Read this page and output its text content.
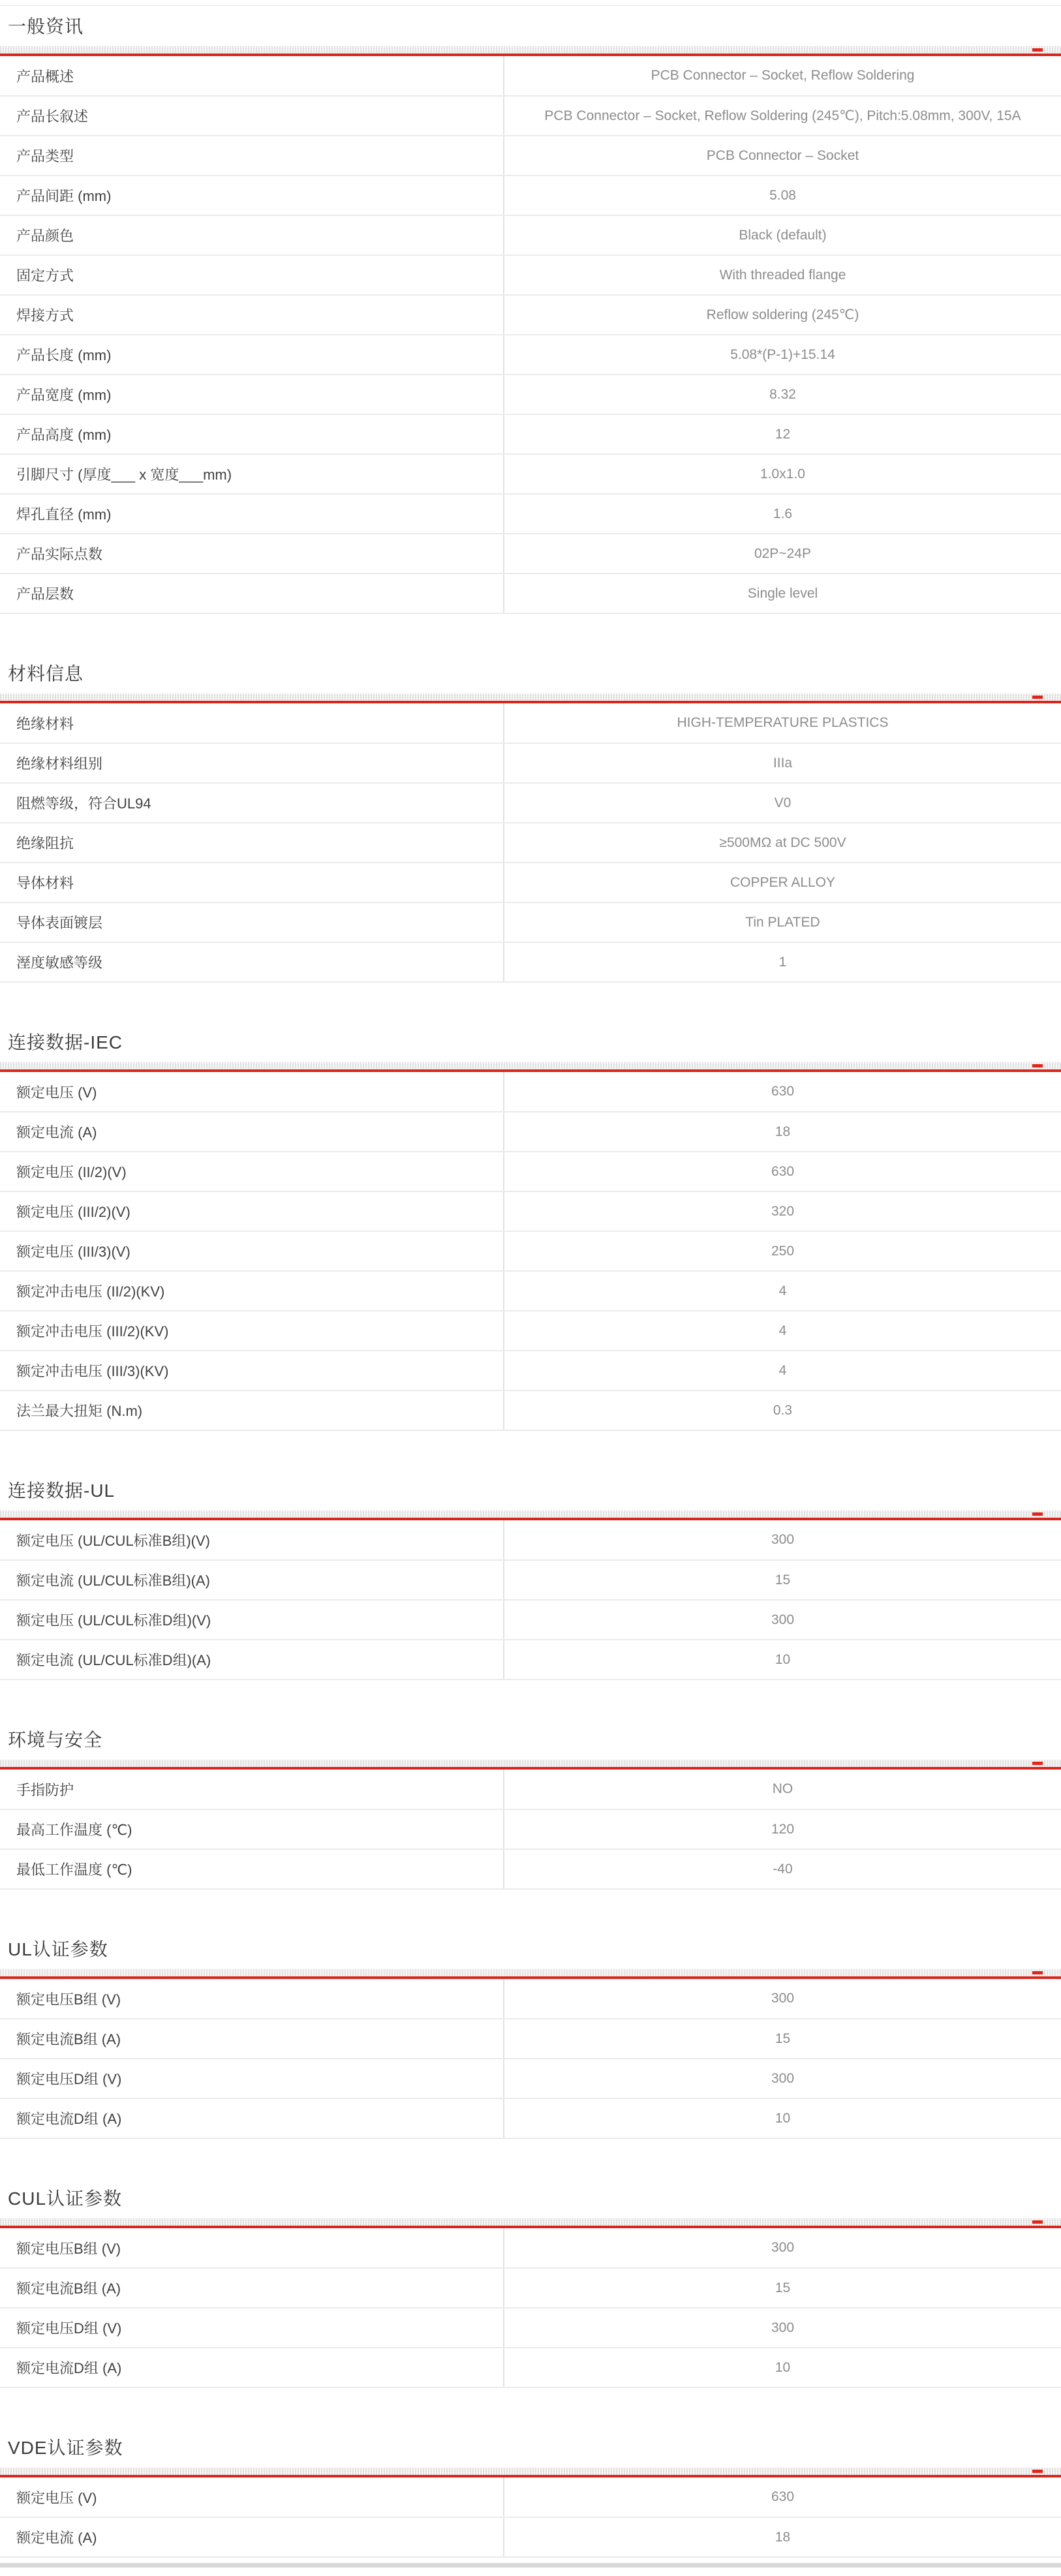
一般资讯
产品概述	PCB Connector – Socket, Reflow Soldering
产品长叙述	PCB Connector – Socket, Reflow Soldering (245℃), Pitch:5.08mm, 300V, 15A
产品类型	PCB Connector – Socket
产品间距 (mm)	5.08
产品颜色	Black (default)
固定方式	With threaded flange
焊接方式	Reflow soldering (245℃)
产品长度 (mm)	5.08*(P-1)+15.14
产品宽度 (mm)	8.32
产品高度 (mm)	12
引脚尺寸 (厚度___ x 宽度___mm)	1.0x1.0
焊孔直径 (mm)	1.6
产品实际点数	02P~24P
产品层数	Single level
材料信息
绝缘材料	HIGH-TEMPERATURE PLASTICS
绝缘材料组别	IIIa
阻燃等级，符合UL94	V0
绝缘阻抗	≥500MΩ at DC 500V
导体材料	COPPER ALLOY
导体表面镀层	Tin PLATED
溼度敏感等级	1
连接数据-IEC
额定电压 (V)	630
额定电流 (A)	18
额定电压 (II/2)(V)	630
额定电压 (III/2)(V)	320
额定电压 (III/3)(V)	250
额定冲击电压 (II/2)(KV)	4
额定冲击电压 (III/2)(KV)	4
额定冲击电压 (III/3)(KV)	4
法兰最大扭矩 (N.m)	0.3
连接数据-UL
额定电压 (UL/CUL标准B组)(V)	300
额定电流 (UL/CUL标准B组)(A)	15
额定电压 (UL/CUL标准D组)(V)	300
额定电流 (UL/CUL标准D组)(A)	10
环境与安全
手指防护	NO
最高工作温度 (℃)	120
最低工作温度 (℃)	-40
UL认证参数
额定电压B组 (V)	300
额定电流B组 (A)	15
额定电压D组 (V)	300
额定电流D组 (A)	10
CUL认证参数
额定电压B组 (V)	300
额定电流B组 (A)	15
额定电压D组 (V)	300
额定电流D组 (A)	10
VDE认证参数
额定电压 (V)	630
额定电流 (A)	18
